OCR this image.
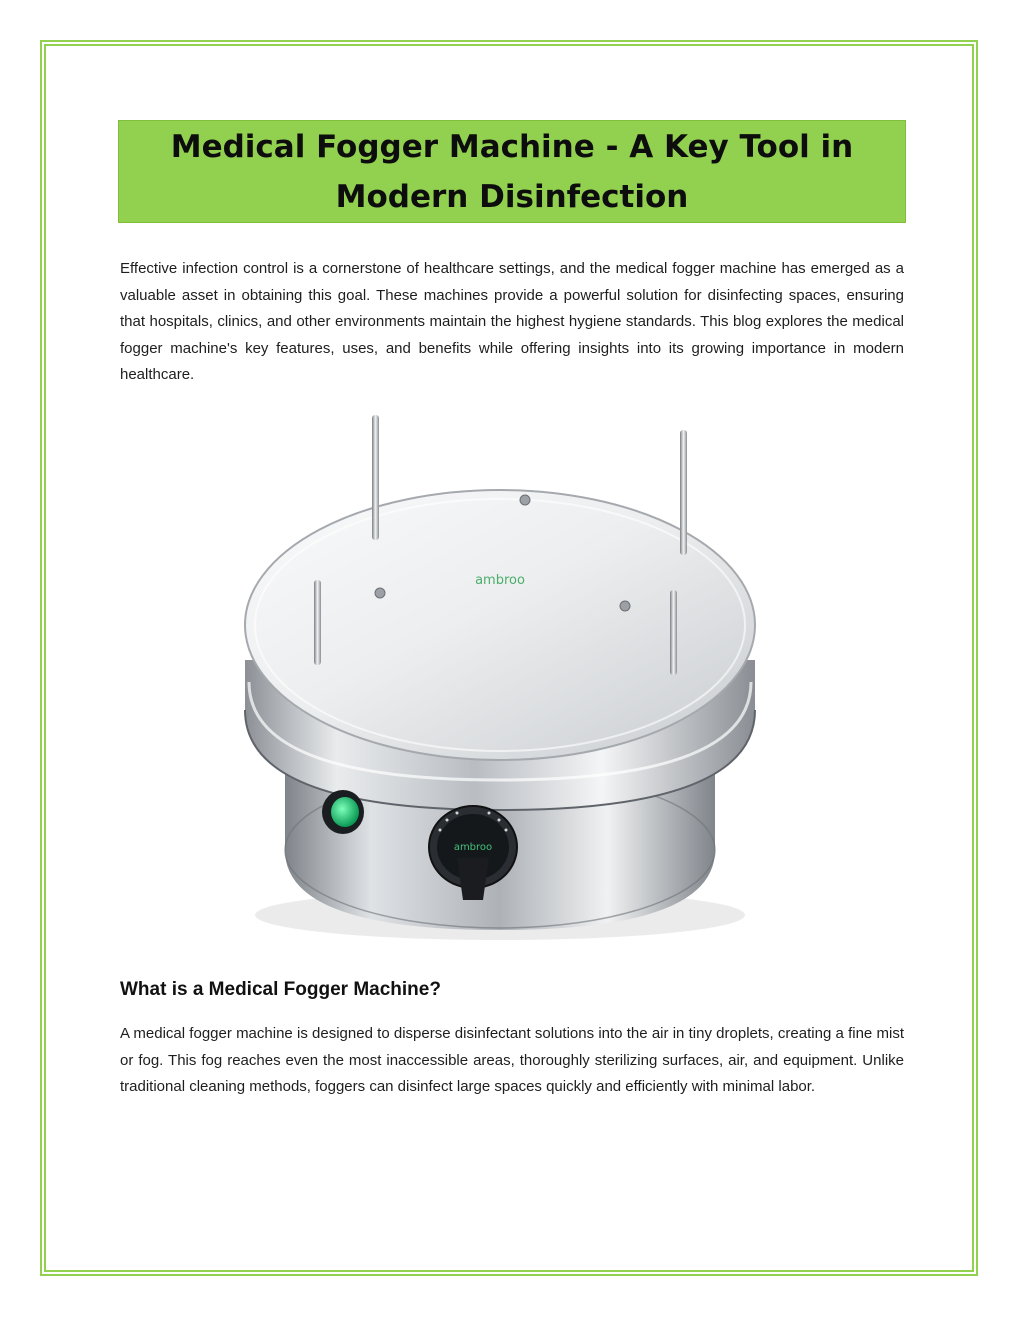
Medical Fogger Machine - A Key Tool in Modern Disinfection

Effective infection control is a cornerstone of healthcare settings, and the medical fogger machine has emerged as a valuable asset in obtaining this goal. These machines provide a powerful solution for disinfecting spaces, ensuring that hospitals, clinics, and other environments maintain the highest hygiene standards. This blog explores the medical fogger machine's key features, uses, and benefits while offering insights into its growing importance in modern healthcare.

ambroo
ambroo
What is a Medical Fogger Machine?

A medical fogger machine is designed to disperse disinfectant solutions into the air in tiny droplets, creating a fine mist or fog. This fog reaches even the most inaccessible areas, thoroughly sterilizing surfaces, air, and equipment. Unlike traditional cleaning methods, foggers can disinfect large spaces quickly and efficiently with minimal labor.
